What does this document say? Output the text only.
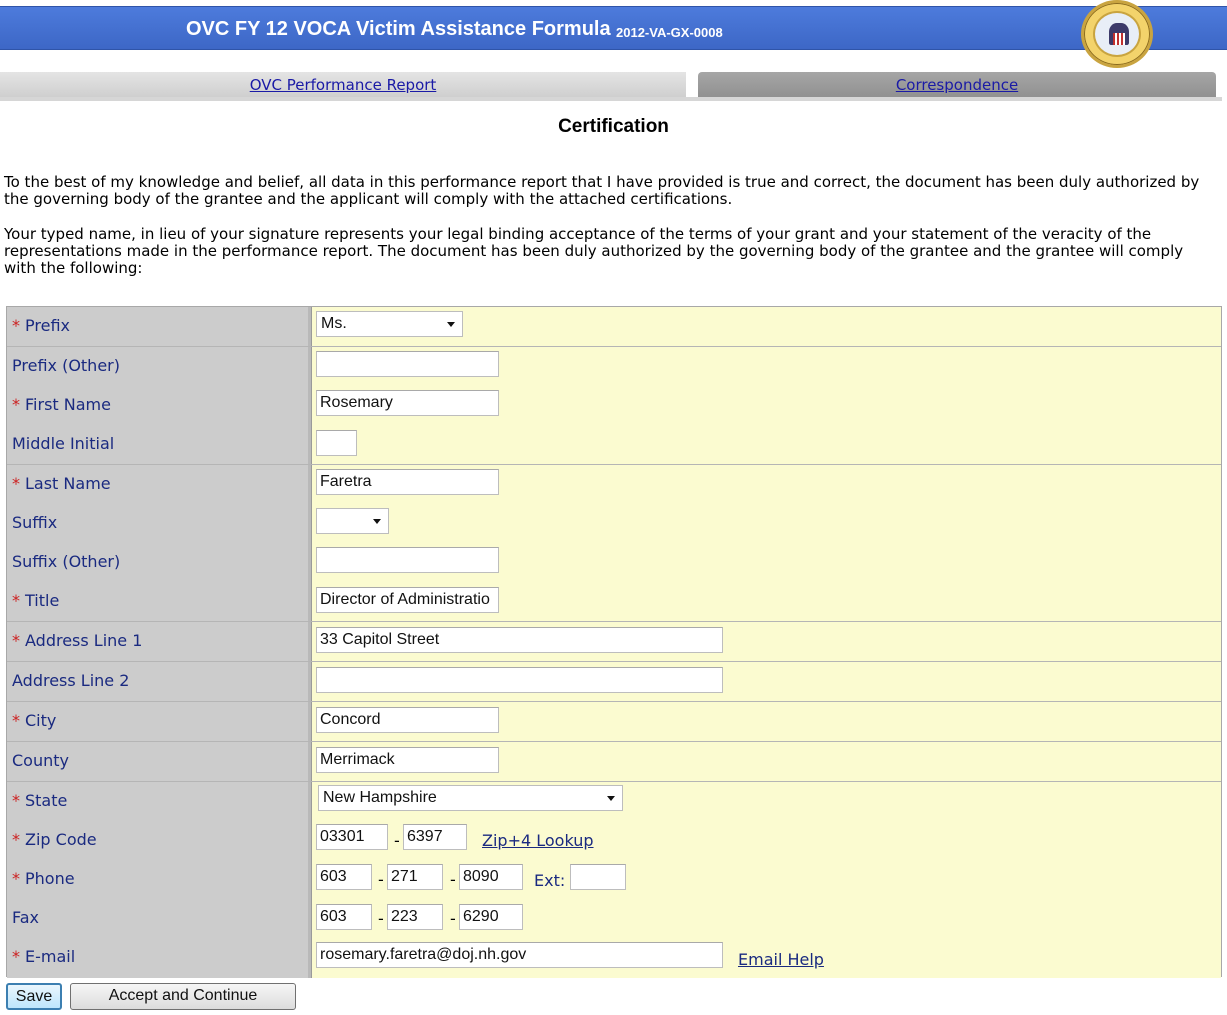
OVC FY 12 VOCA Victim Assistance Formula 2012-VA-GX-0008
OVC Performance Report	Correspondence
Certification
To the best of my knowledge and belief, all data in this performance report that I have provided is true and correct, the document has been duly authorized by the governing body of the grantee and the applicant will comply with the attached certifications.
Your typed name, in lieu of your signature represents your legal binding acceptance of the terms of your grant and your statement of the veracity of the representations made in the performance report. The document has been duly authorized by the governing body of the grantee and the grantee will comply with the following:
* Prefix	Ms.
Prefix (Other)
* First Name	Rosemary
Middle Initial
* Last Name	Faretra
Suffix
Suffix (Other)
* Title	Director of Administratio
* Address Line 1	33 Capitol Street
Address Line 2
* City	Concord
County	Merrimack
* State	New Hampshire
* Zip Code	03301	- 6397	Zip+4 Lookup
* Phone	603	- 271	- 8090	Ext:
Fax	603	- 223	- 6290
* E-mail	rosemary.faretra@doj.nh.gov	Email Help
Save	Accept and Continue
